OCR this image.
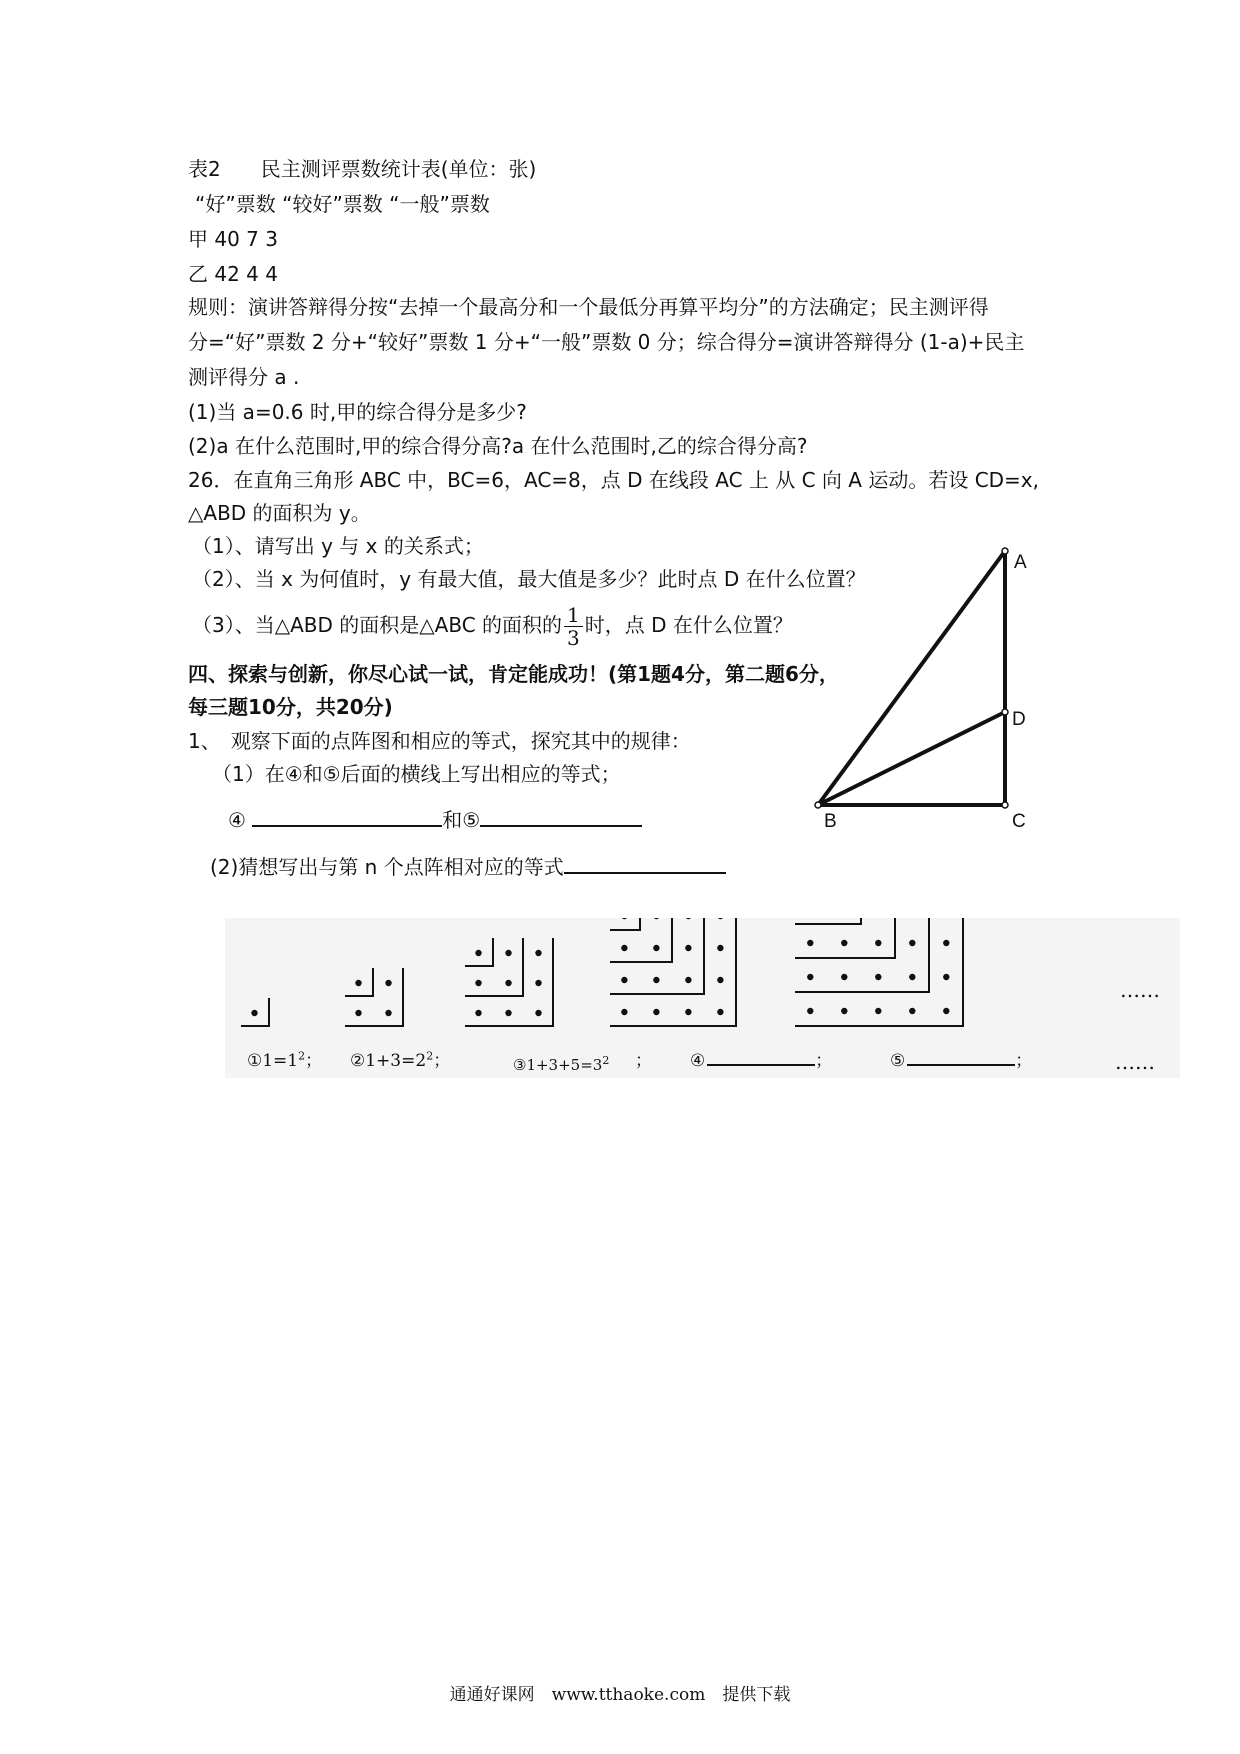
表2　　民主测评票数统计表(单位：张)
“好”票数 “较好”票数 “一般”票数
甲 40 7 3
乙 42 4 4
规则：演讲答辩得分按“去掉一个最高分和一个最低分再算平均分”的方法确定；民主测评得
分=“好”票数 2 分+“较好”票数 1 分+“一般”票数 0 分；综合得分=演讲答辩得分 (1-a)+民主
测评得分 a .
(1)当 a=0.6 时,甲的综合得分是多少?
(2)a 在什么范围时,甲的综合得分高?a 在什么范围时,乙的综合得分高?
26．在直角三角形 ABC 中，BC=6，AC=8，点 D 在线段 AC 上 从 C 向 A 运动。若设 CD=x,
△ABD 的面积为 y。
（1）、请写出 y 与 x 的关系式；
（2）、当 x 为何值时，y 有最大值，最大值是多少？此时点 D 在什么位置？
（3）、当△ABD 的面积是△ABC 的面积的 $\frac{1}{3}$ 时，点 D 在什么位置？
A
D
B	C
四、探索与创新，你尽心试一试，肯定能成功！(第1题4分，第二题6分，
每三题10分，共20分)
1、　观察下面的点阵图和相应的等式，探究其中的规律：
（1）在④和⑤后面的横线上写出相应的等式；
④	和⑤
(2)猜想写出与第 n 个点阵相对应的等式
$①1=1^2$； $②1+3=2^2$；	$③1+3+5=3^2$ ； ④	；	⑤	；
……
……
通通好课网　www.tthaoke.com　提供下载
